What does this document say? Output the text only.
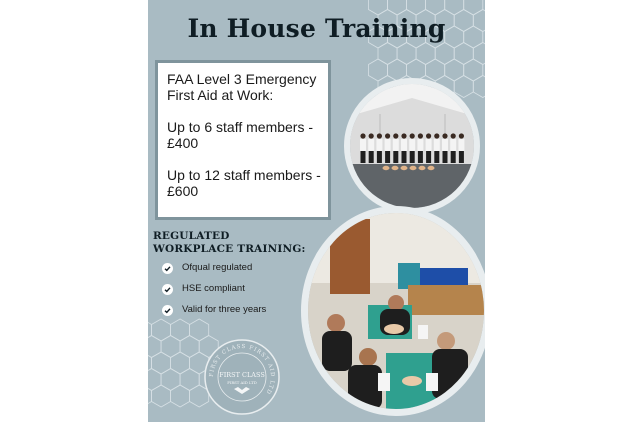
In House Training

FAA Level 3 Emergency First Aid at Work:

Up to 6 staff members - £400

Up to 12 staff members - £600

REGULATED WORKPLACE TRAINING:
Ofqual regulated
HSE compliant
Valid for three years
FIRST CLASS FIRST AID LTD
FIRST CLASS
FIRST AID LTD
